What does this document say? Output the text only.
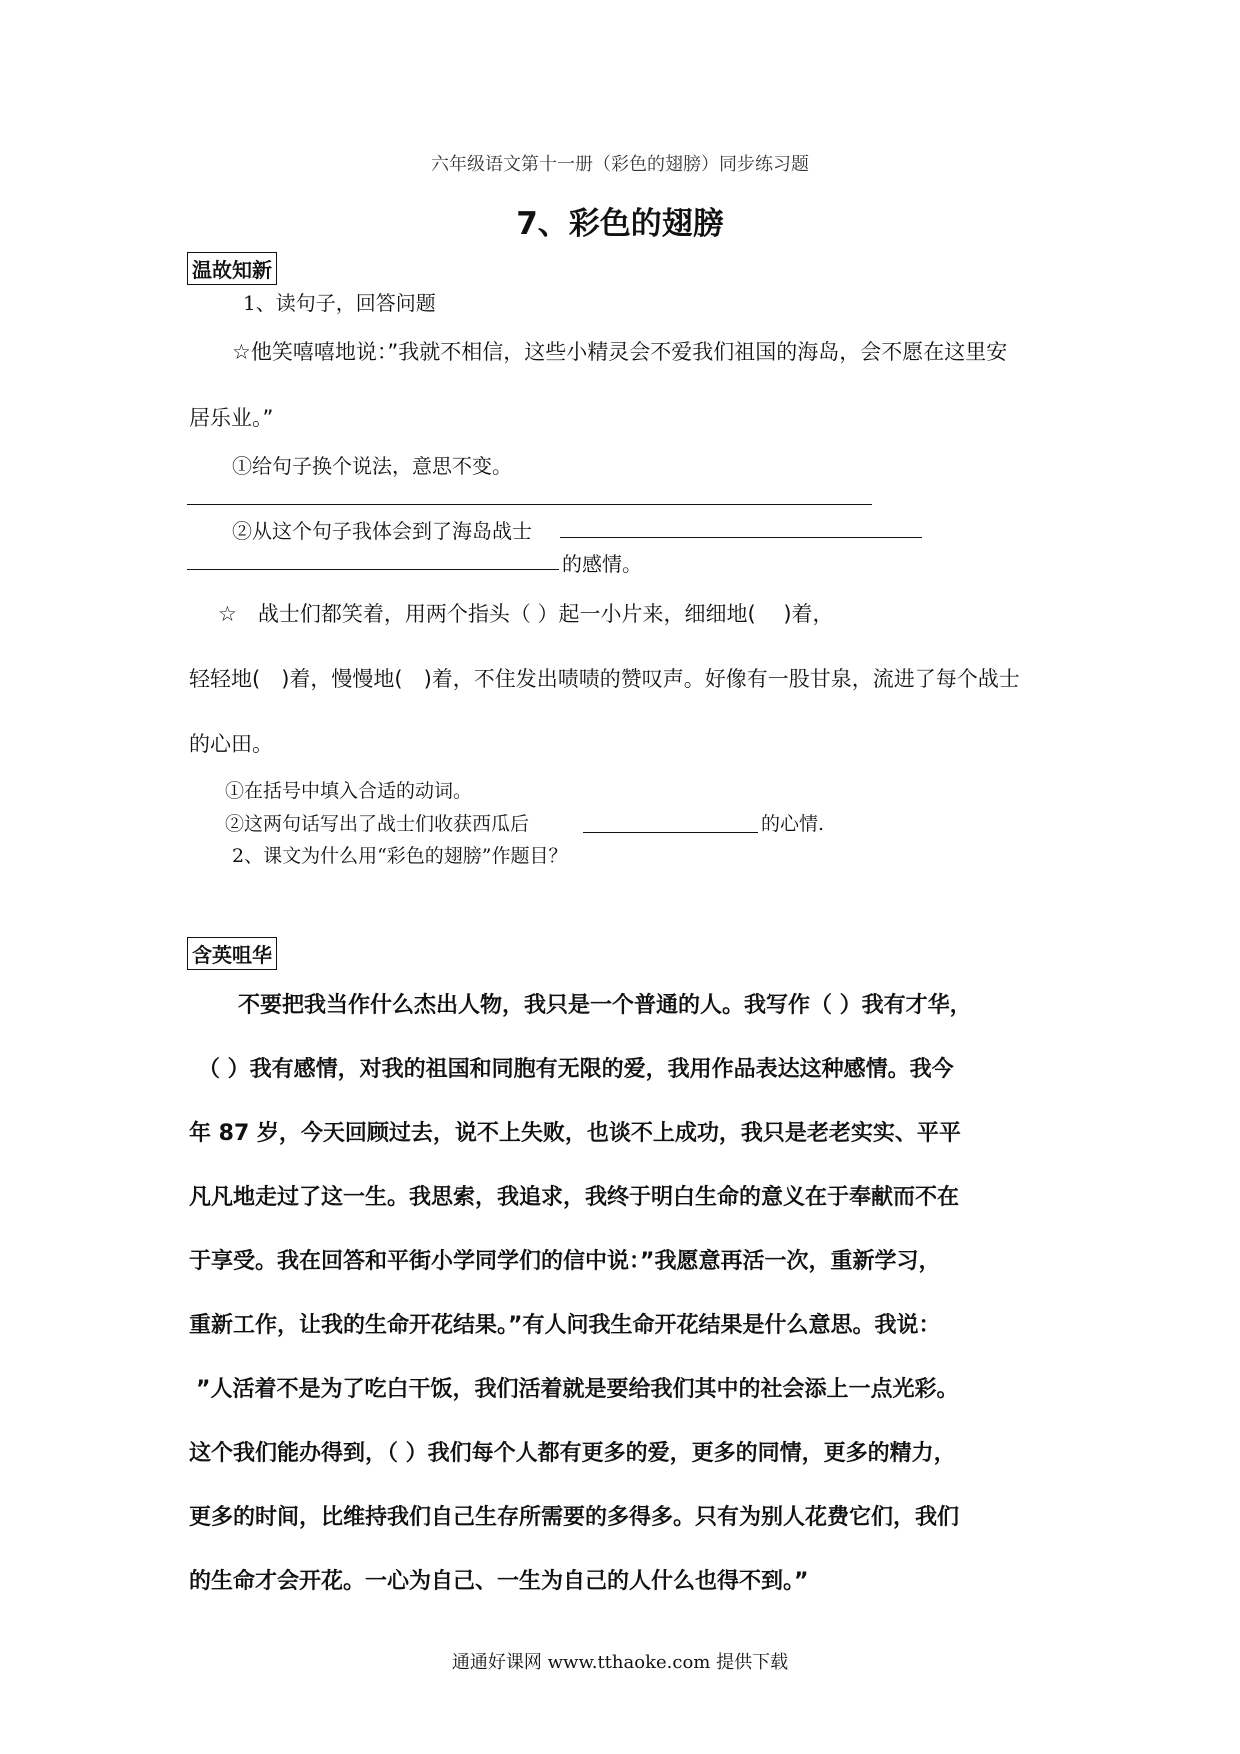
六年级语文第十一册（彩色的翅膀）同步练习题
7、彩色的翅膀
温故知新
1、读句子，回答问题
☆他笑嘻嘻地说：”我就不相信，这些小精灵会不爱我们祖国的海岛，会不愿在这里安
居乐业。”
①给句子换个说法，意思不变。
②从这个句子我体会到了海岛战士
的感情。
☆　战士们都笑着，用两个指头（ ）起一小片来，细细地(　 )着，
轻轻地(　)着，慢慢地(　)着，不住发出啧啧的赞叹声。好像有一股甘泉，流进了每个战士
的心田。
①在括号中填入合适的动词。
②这两句话写出了战士们收获西瓜后	的心情.
2、课文为什么用“彩色的翅膀”作题目？
含英咀华
不要把我当作什么杰出人物，我只是一个普通的人。我写作（ ）我有才华，
（ ）我有感情，对我的祖国和同胞有无限的爱，我用作品表达这种感情。我今
年 87 岁，今天回顾过去，说不上失败，也谈不上成功，我只是老老实实、平平
凡凡地走过了这一生。我思索，我追求，我终于明白生命的意义在于奉献而不在
于享受。我在回答和平街小学同学们的信中说：”我愿意再活一次，重新学习，
重新工作，让我的生命开花结果。”有人问我生命开花结果是什么意思。我说：
”人活着不是为了吃白干饭，我们活着就是要给我们其中的社会添上一点光彩。
这个我们能办得到，（ ）我们每个人都有更多的爱，更多的同情，更多的精力，
更多的时间，比维持我们自己生存所需要的多得多。只有为别人花费它们，我们
的生命才会开花。一心为自己、一生为自己的人什么也得不到。”
通通好课网 www.tthaoke.com 提供下载
